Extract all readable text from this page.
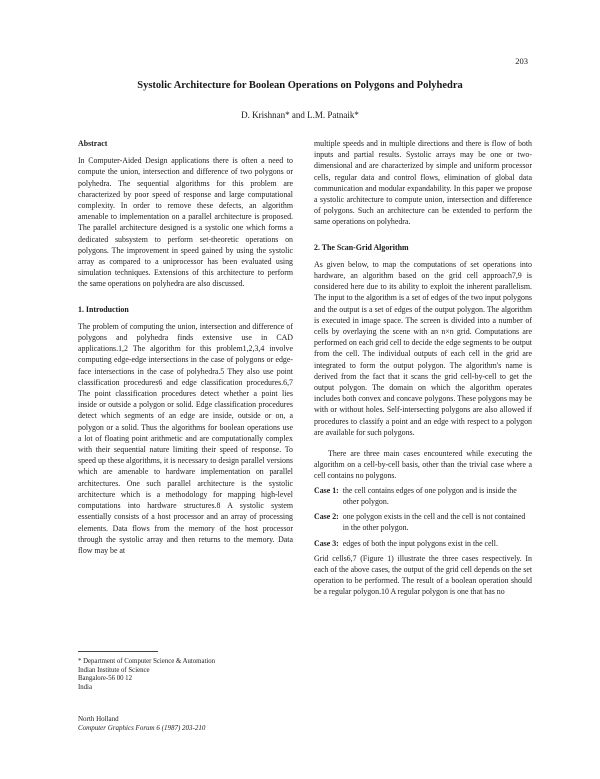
203
Systolic Architecture for Boolean Operations on Polygons and Polyhedra
D. Krishnan* and L.M. Patnaik*
Abstract

In Computer-Aided Design applications there is often a need to compute the union, intersection and difference of two polygons or polyhedra. The sequential algorithms for this problem are characterized by poor speed of response and large computational complexity. In order to remove these defects, an algorithm amenable to implementation on a parallel architecture is proposed. The parallel architecture designed is a systolic one which forms a dedicated subsystem to perform set-theoretic operations on polygons. The improvement in speed gained by using the systolic array as compared to a uniprocessor has been evaluated using simulation techniques. Extensions of this architecture to perform the same operations on polyhedra are also discussed.

1. Introduction

The problem of computing the union, intersection and difference of polygons and polyhedra finds extensive use in CAD applications.1,2 The algorithm for this problem1,2,3,4 involve computing edge-edge intersections in the case of polygons or edge-face intersections in the case of polyhedra.5 They also use point classification procedures6 and edge classification procedures.6,7 The point classification procedures detect whether a point lies inside or outside a polygon or solid. Edge classification procedures detect which segments of an edge are inside, outside or on, a polygon or a solid. Thus the algorithms for boolean operations use a lot of floating point arithmetic and are computationally complex with their sequential nature limiting their speed of response. To speed up these algorithms, it is necessary to design parallel versions which are amenable to hardware implementation on parallel architectures. One such parallel architecture is the systolic architecture which is a methodology for mapping high-level computations into hardware structures.8 A systolic system essentially consists of a host processor and an array of processing elements. Data flows from the memory of the host processor through the systolic array and then returns to the memory. Data flow may be at

multiple speeds and in multiple directions and there is flow of both inputs and partial results. Systolic arrays may be one or two-dimensional and are characterized by simple and uniform processor cells, regular data and control flows, elimination of global data communication and modular expandability. In this paper we propose a systolic architecture to compute union, intersection and difference of polygons. Such an architecture can be extended to perform the same operations on polyhedra.

2. The Scan-Grid Algorithm

As given below, to map the computations of set operations into hardware, an algorithm based on the grid cell approach7,9 is considered here due to its ability to exploit the inherent parallelism. The input to the algorithm is a set of edges of the two input polygons and the output is a set of edges of the output polygon. The algorithm is executed in image space. The screen is divided into a number of cells by overlaying the scene with an n×n grid. Computations are performed on each grid cell to decide the edge segments to be output from the cell. The individual outputs of each cell in the grid are integrated to form the output polygon. The algorithm's name is derived from the fact that it scans the grid cell-by-cell to get the output polygon. The domain on which the algorithm operates includes both convex and concave polygons. These polygons may be with or without holes. Self-intersecting polygons are also allowed if procedures to classify a point and an edge with respect to a polygon are available for such polygons.

There are three main cases encountered while executing the algorithm on a cell-by-cell basis, other than the trivial case where a cell contains no polygons.

Case 1: the cell contains edges of one polygon and is inside the other polygon.
Case 2: one polygon exists in the cell and the cell is not contained in the other polygon.
Case 3: edges of both the input polygons exist in the cell.

Grid cells6,7 (Figure 1) illustrate the three cases respectively. In each of the above cases, the output of the grid cell depends on the set operation to be performed. The result of a boolean operation should be a regular polygon.10 A regular polygon is one that has no

* Department of Computer Science & Automation
Indian Institute of Science
Bangalore-56 00 12
India
North Holland
Computer Graphics Forum 6 (1987) 203-210
